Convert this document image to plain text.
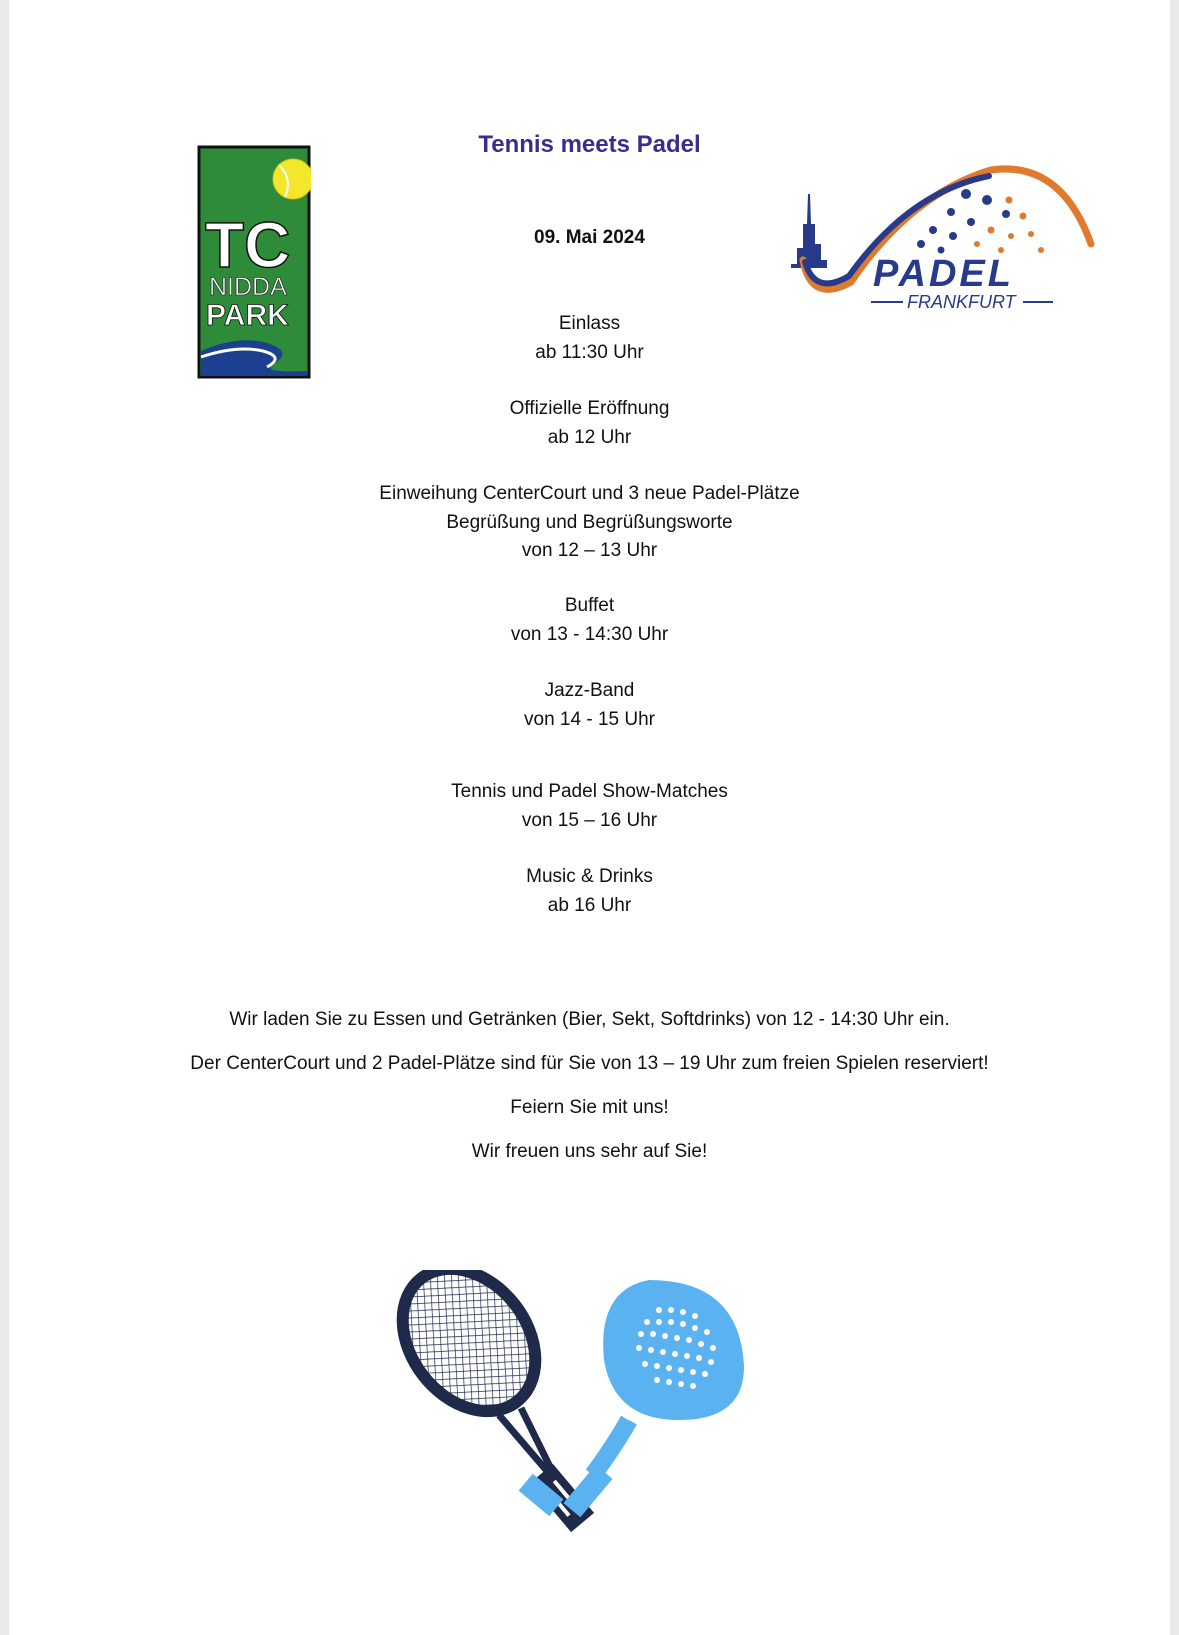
TC
NIDDA
PARK
PADEL
FRANKFURT
Tennis meets Padel
09. Mai 2024
Einlass
ab 11:30 Uhr
Offizielle Eröffnung
ab 12 Uhr
Einweihung CenterCourt und 3 neue Padel-Plätze
Begrüßung und Begrüßungsworte
von 12 – 13 Uhr
Buffet
von 13 - 14:30 Uhr
Jazz-Band
von 14 - 15 Uhr
Tennis und Padel Show-Matches
von 15 – 16 Uhr
Music & Drinks
ab 16 Uhr
Wir laden Sie zu Essen und Getränken (Bier, Sekt, Softdrinks) von 12 - 14:30 Uhr ein.
Der CenterCourt und 2 Padel-Plätze sind für Sie von 13 – 19 Uhr zum freien Spielen reserviert!
Feiern Sie mit uns!
Wir freuen uns sehr auf Sie!
